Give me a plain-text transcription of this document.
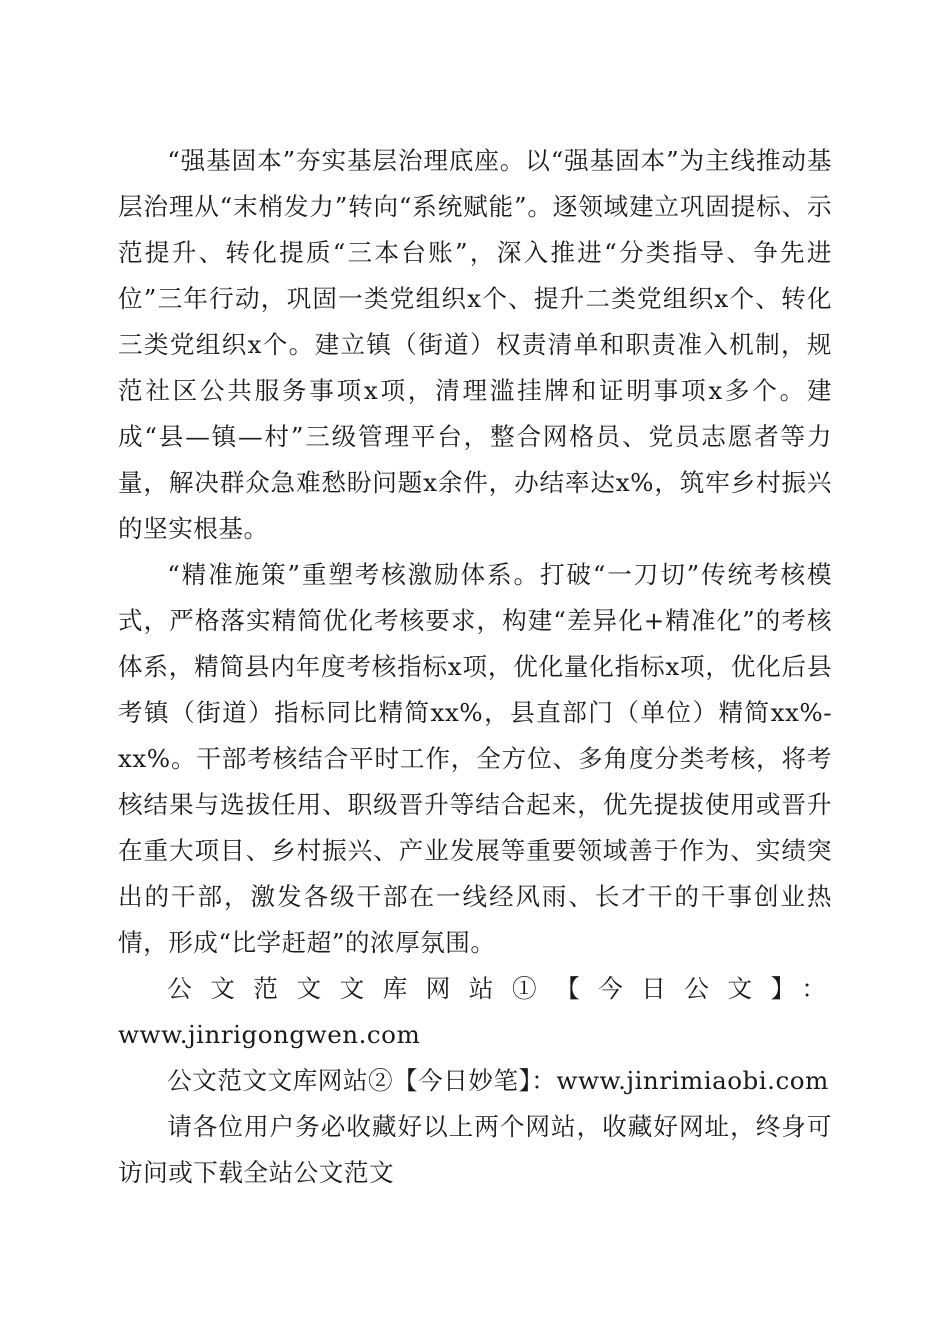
“强基固本”夯实基层治理底座。以“强基固本”为主线推动基层治理从“末梢发力”转向“系统赋能”。逐领域建立巩固提标、示范提升、转化提质“三本台账”，深入推进“分类指导、争先进位”三年行动，巩固一类党组织x个、提升二类党组织x个、转化三类党组织x个。建立镇（街道）权责清单和职责准入机制，规范社区公共服务事项x项，清理滥挂牌和证明事项x多个。建成“县—镇—村”三级管理平台，整合网格员、党员志愿者等力量，解决群众急难愁盼问题x余件，办结率达x%，筑牢乡村振兴的坚实根基。

“精准施策”重塑考核激励体系。打破“一刀切”传统考核模式，严格落实精简优化考核要求，构建“差异化+精准化”的考核体系，精简县内年度考核指标x项，优化量化指标x项，优化后县考镇（街道）指标同比精简xx%，县直部门（单位）精简xx%-xx%。干部考核结合平时工作，全方位、多角度分类考核，将考核结果与选拔任用、职级晋升等结合起来，优先提拔使用或晋升在重大项目、乡村振兴、产业发展等重要领域善于作为、实绩突出的干部，激发各级干部在一线经风雨、长才干的干事创业热情，形成“比学赶超”的浓厚氛围。

公文范文文库网站①【今日公文】：

www.jinrigongwen.com

公文范文文库网站②【今日妙笔】：www.jinrimiaobi.com

请各位用户务必收藏好以上两个网站，收藏好网址，终身可访问或下载全站公文范文
